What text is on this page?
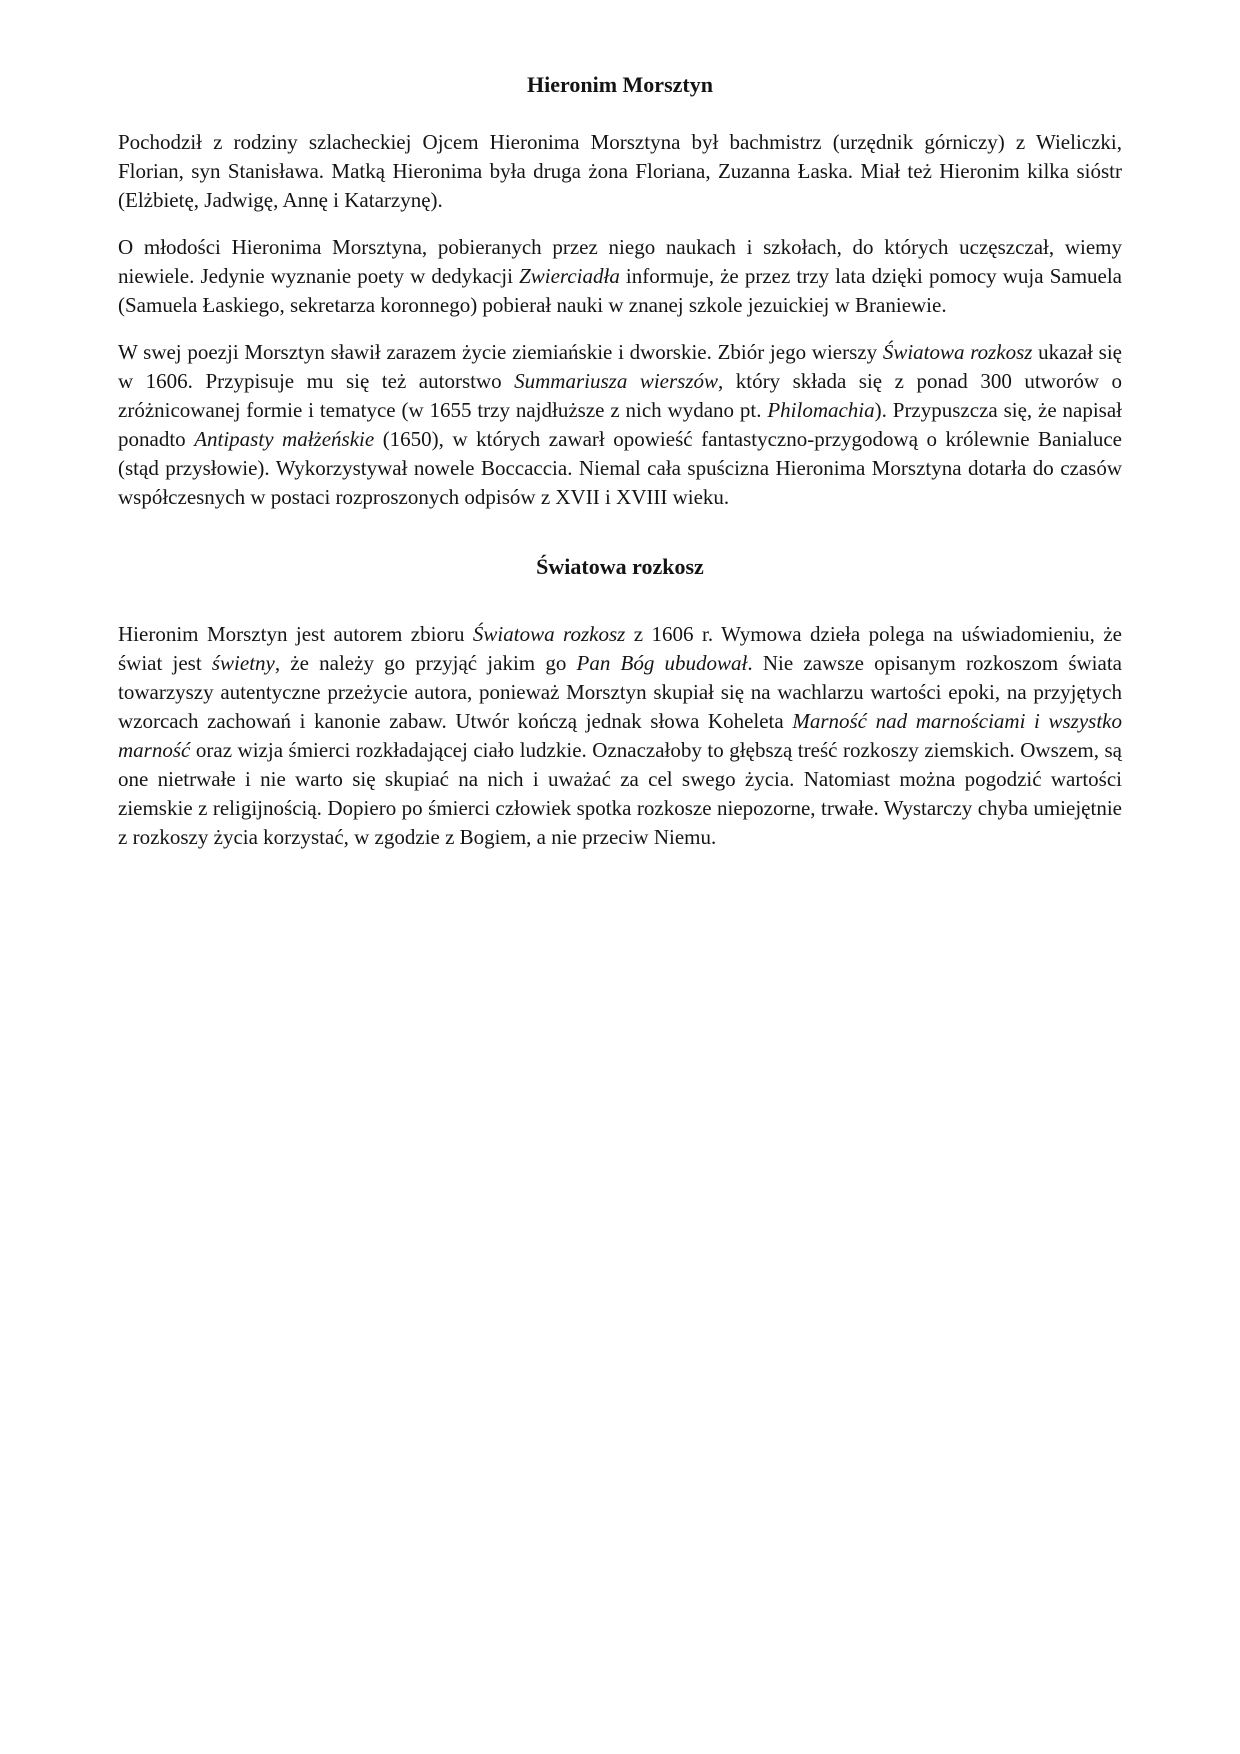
Hieronim Morsztyn

Pochodził z rodziny szlacheckiej Ojcem Hieronima Morsztyna był bachmistrz (urzędnik górniczy) z Wieliczki, Florian, syn Stanisława. Matką Hieronima była druga żona Floriana, Zuzanna Łaska. Miał też Hieronim kilka sióstr (Elżbietę, Jadwigę, Annę i Katarzynę).

O młodości Hieronima Morsztyna, pobieranych przez niego naukach i szkołach, do których uczęszczał, wiemy niewiele. Jedynie wyznanie poety w dedykacji Zwierciadła informuje, że przez trzy lata dzięki pomocy wuja Samuela (Samuela Łaskiego, sekretarza koronnego) pobierał nauki w znanej szkole jezuickiej w Braniewie.

W swej poezji Morsztyn sławił zarazem życie ziemiańskie i dworskie. Zbiór jego wierszy Światowa rozkosz ukazał się w 1606. Przypisuje mu się też autorstwo Summariusza wierszów, który składa się z ponad 300 utworów o zróżnicowanej formie i tematyce (w 1655 trzy najdłuższe z nich wydano pt. Philomachia). Przypuszcza się, że napisał ponadto Antipasty małżeńskie (1650), w których zawarł opowieść fantastyczno-przygodową o królewnie Banialuce (stąd przysłowie). Wykorzystywał nowele Boccaccia. Niemal cała spuścizna Hieronima Morsztyna dotarła do czasów współczesnych w postaci rozproszonych odpisów z XVII i XVIII wieku.

Światowa rozkosz

Hieronim Morsztyn jest autorem zbioru Światowa rozkosz z 1606 r. Wymowa dzieła polega na uświadomieniu, że świat jest świetny, że należy go przyjąć jakim go Pan Bóg ubudował. Nie zawsze opisanym rozkoszom świata towarzyszy autentyczne przeżycie autora, ponieważ Morsztyn skupiał się na wachlarzu wartości epoki, na przyjętych wzorcach zachowań i kanonie zabaw. Utwór kończą jednak słowa Koheleta Marność nad marnościami i wszystko marność oraz wizja śmierci rozkładającej ciało ludzkie. Oznaczałoby to głębszą treść rozkoszy ziemskich. Owszem, są one nietrwałe i nie warto się skupiać na nich i uważać za cel swego życia. Natomiast można pogodzić wartości ziemskie z religijnością. Dopiero po śmierci człowiek spotka rozkosze niepozorne, trwałe. Wystarczy chyba umiejętnie z rozkoszy życia korzystać, w zgodzie z Bogiem, a nie przeciw Niemu.
